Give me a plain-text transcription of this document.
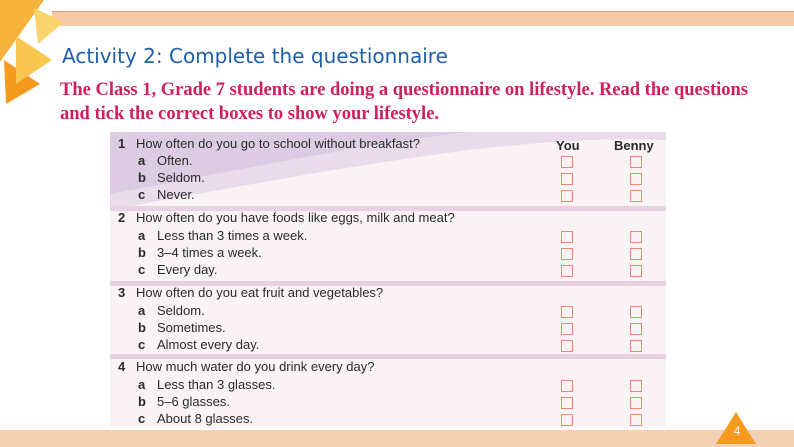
Activity 2: Complete the questionnaire
The Class 1, Grade 7 students are doing a questionnaire on lifestyle. Read the questions and tick the correct boxes to show your lifestyle.
You	Benny
1 How often do you go to school without breakfast?
a Often.
b Seldom.
c Never.
2 How often do you have foods like eggs, milk and meat?
a Less than 3 times a week.
b 3–4 times a week.
c Every day.
3 How often do you eat fruit and vegetables?
a Seldom.
b Sometimes.
c Almost every day.
4 How much water do you drink every day?
a Less than 3 glasses.
b 5–6 glasses.
c About 8 glasses.
4
